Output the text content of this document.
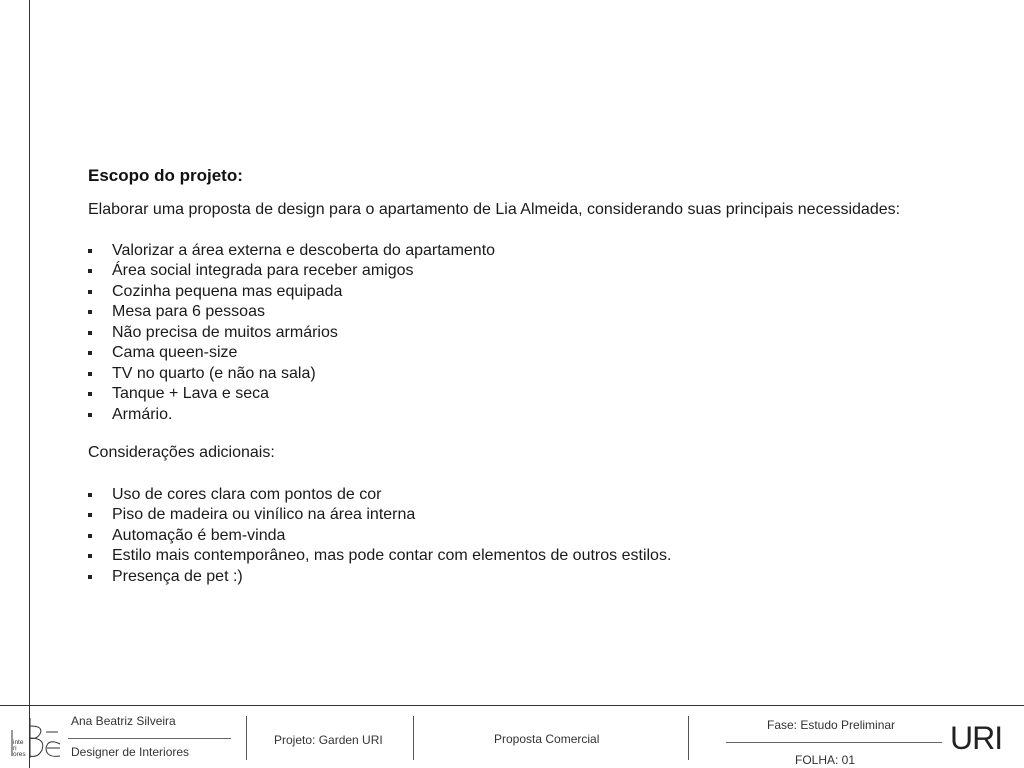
Escopo do projeto:
Elaborar uma proposta de design para o apartamento de Lia Almeida, considerando suas principais necessidades:
Valorizar a área externa e descoberta do apartamento
Área social integrada para receber amigos
Cozinha pequena mas equipada
Mesa para 6 pessoas
Não precisa de muitos armários
Cama queen-size
TV no quarto (e não na sala)
Tanque + Lava e seca
Armário.
Considerações adicionais:
Uso de cores clara com pontos de cor
Piso de madeira ou vinílico na área interna
Automação é bem-vinda
Estilo mais contemporâneo, mas pode contar com elementos de outros estilos.
Presença de pet :)
inte
ri
ores
Ana Beatriz Silveira
Designer de Interiores
Projeto: Garden URI	Proposta Comercial
Fase: Estudo Preliminar
FOLHA: 01
URI
